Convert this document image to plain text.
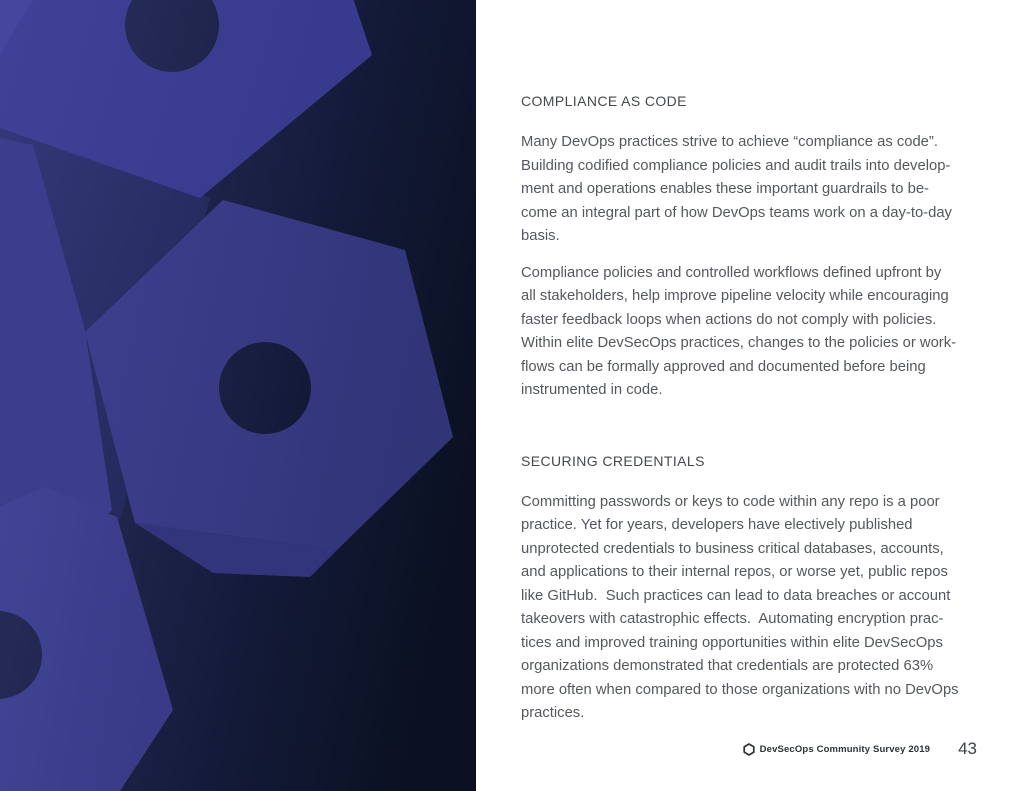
COMPLIANCE AS CODE

Many DevOps practices strive to achieve “compliance as code”.
Building codified compliance policies and audit trails into develop-
ment and operations enables these important guardrails to be-
come an integral part of how DevOps teams work on a day-to-day
basis.

Compliance policies and controlled workflows defined upfront by
all stakeholders, help improve pipeline velocity while encouraging
faster feedback loops when actions do not comply with policies.
Within elite DevSecOps practices, changes to the policies or work-
flows can be formally approved and documented before being
instrumented in code.

SECURING CREDENTIALS

Committing passwords or keys to code within any repo is a poor
practice. Yet for years, developers have electively published
unprotected credentials to business critical databases, accounts,
and applications to their internal repos, or worse yet, public repos
like GitHub.  Such practices can lead to data breaches or account
takeovers with catastrophic effects.  Automating encryption prac-
tices and improved training opportunities within elite DevSecOps
organizations demonstrated that credentials are protected 63%
more often when compared to those organizations with no DevOps
practices.

DevSecOps Community Survey 2019 43
